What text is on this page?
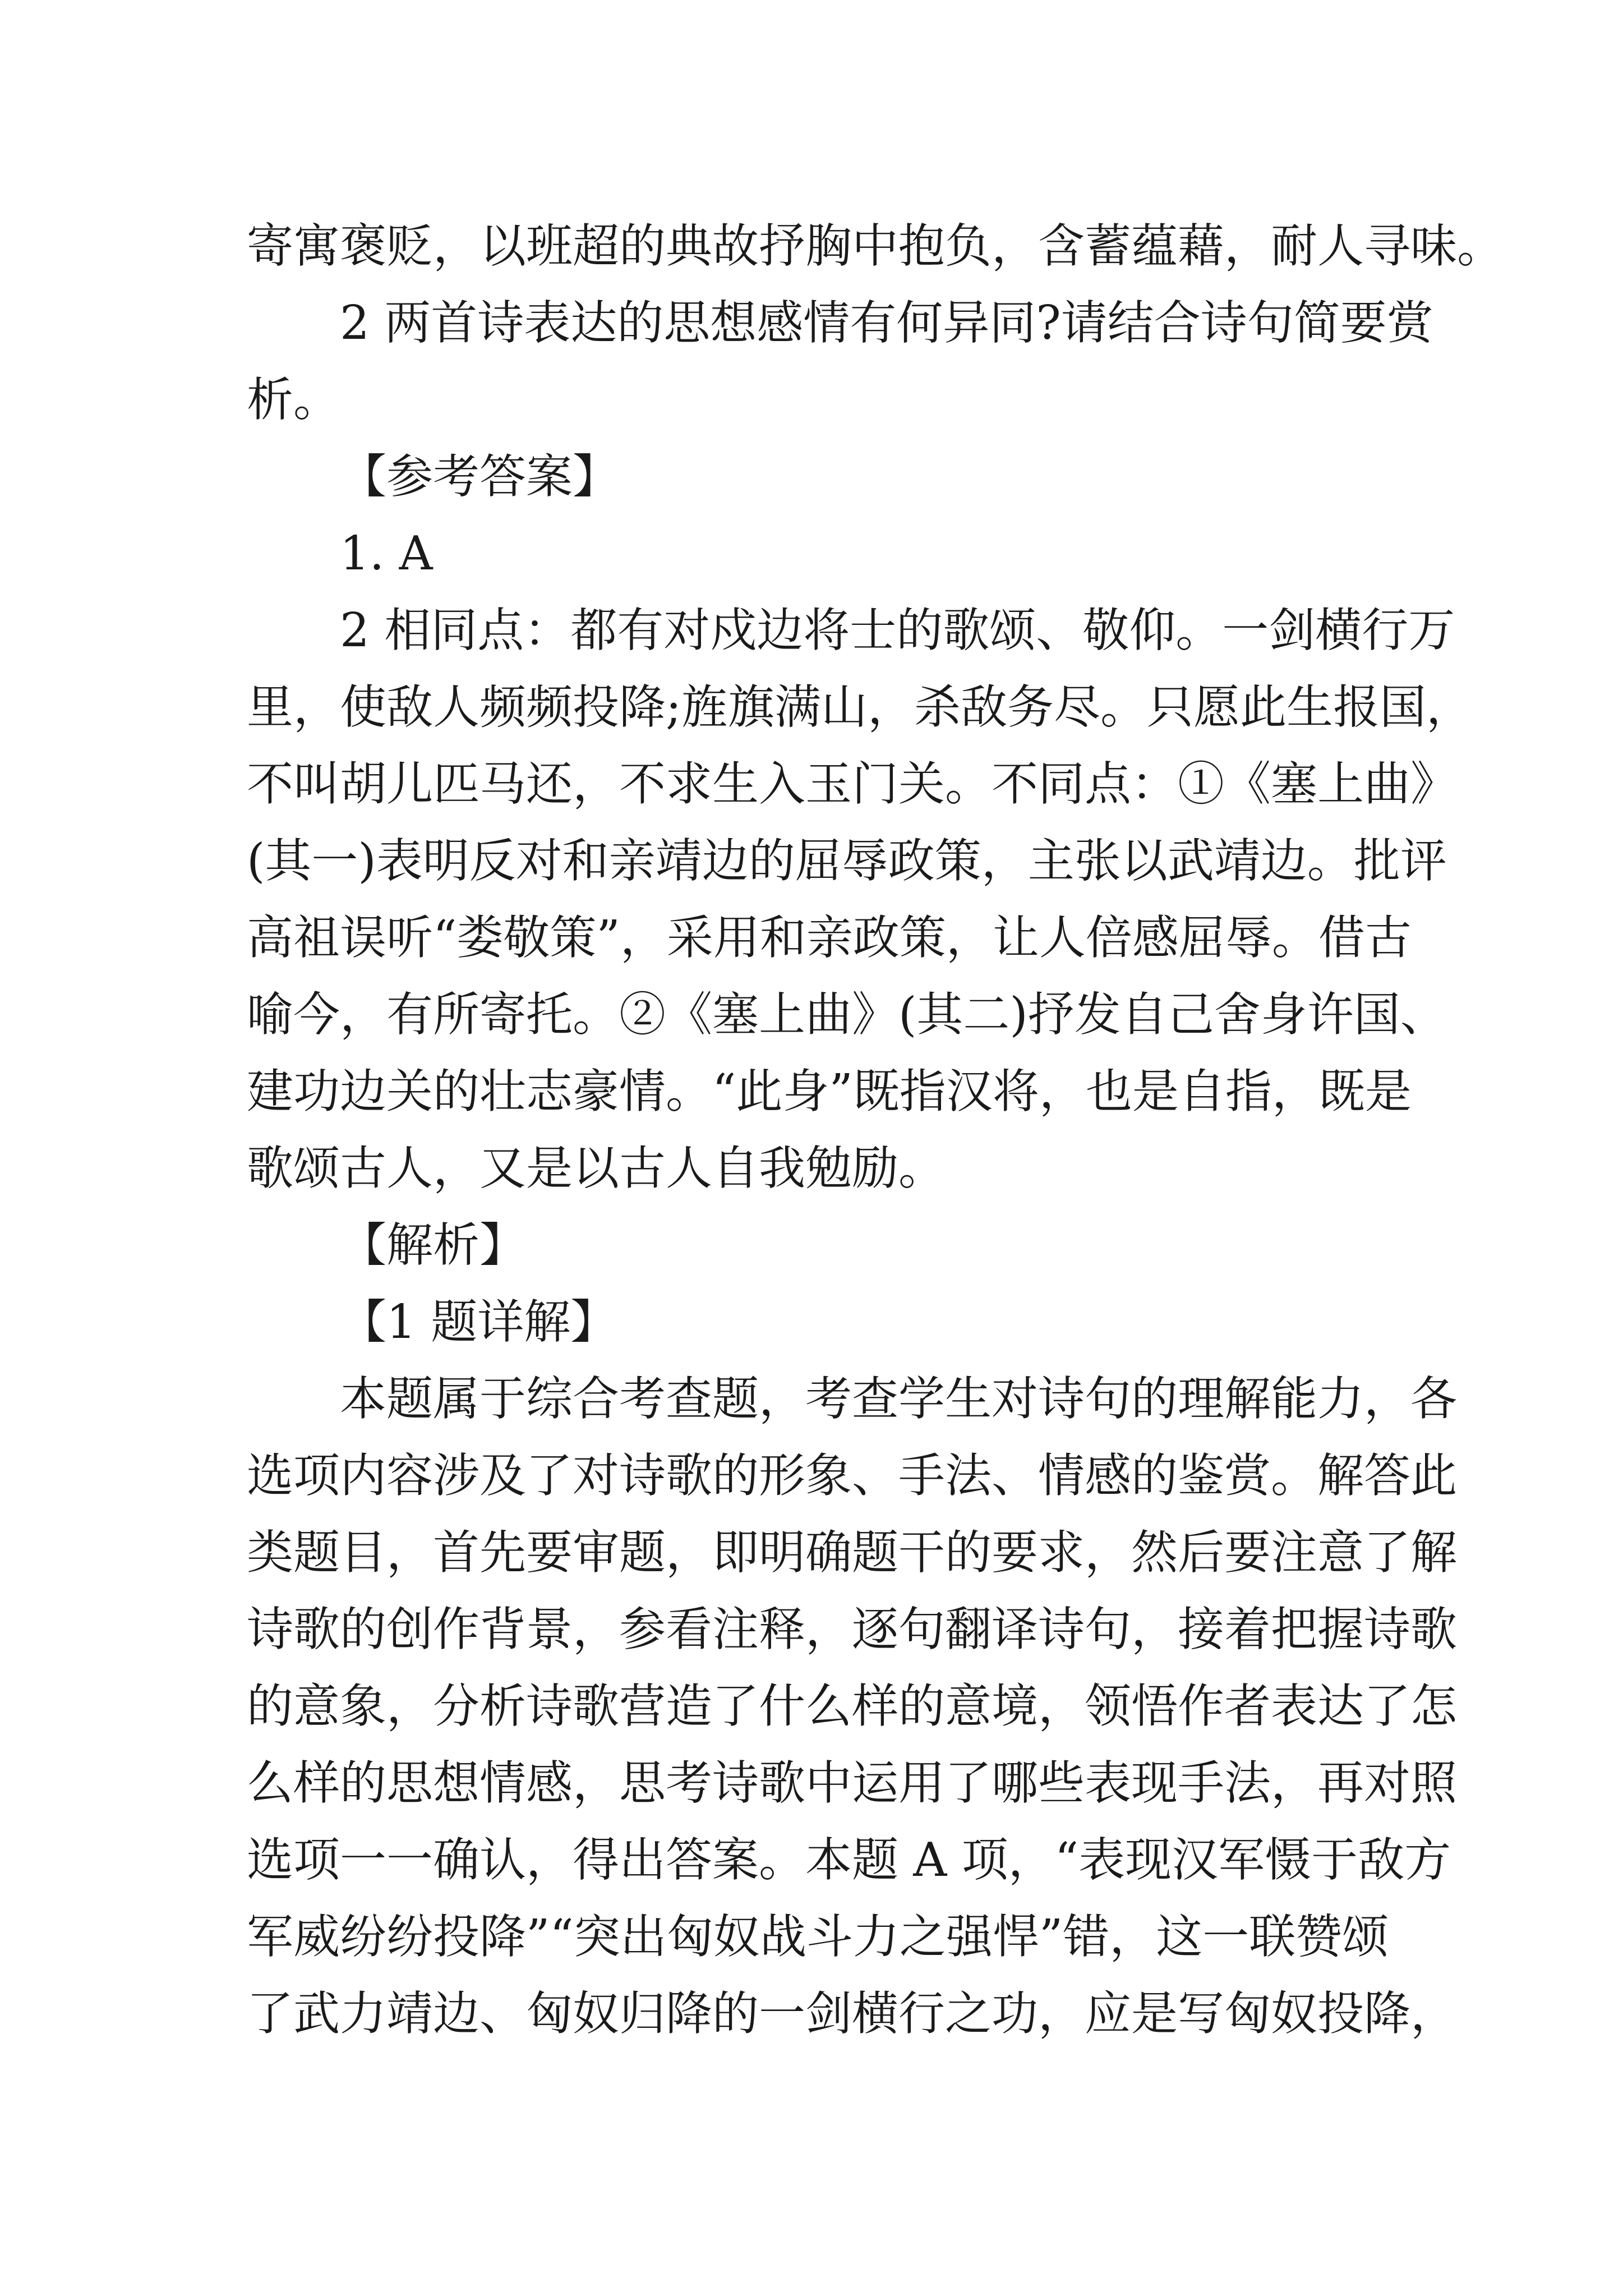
寄寓褒贬，以班超的典故抒胸中抱负，含蓄蕴藉，耐人寻味。
2 两首诗表达的思想感情有何异同?请结合诗句简要赏
析。
【参考答案】
1. A
2 相同点：都有对戍边将士的歌颂、敬仰。一剑横行万
里，使敌人频频投降;旌旗满山，杀敌务尽。只愿此生报国，
不叫胡儿匹马还，不求生入玉门关。不同点：①《塞上曲》
(其一)表明反对和亲靖边的屈辱政策，主张以武靖边。批评
高祖误听“娄敬策”，采用和亲政策，让人倍感屈辱。借古
喻今，有所寄托。②《塞上曲》(其二)抒发自己舍身许国、
建功边关的壮志豪情。“此身”既指汉将，也是自指，既是
歌颂古人，又是以古人自我勉励。
【解析】
【1 题详解】
本题属于综合考查题，考查学生对诗句的理解能力，各
选项内容涉及了对诗歌的形象、手法、情感的鉴赏。解答此
类题目，首先要审题，即明确题干的要求，然后要注意了解
诗歌的创作背景，参看注释，逐句翻译诗句，接着把握诗歌
的意象，分析诗歌营造了什么样的意境，领悟作者表达了怎
么样的思想情感，思考诗歌中运用了哪些表现手法，再对照
选项一一确认，得出答案。本题 A 项，“表现汉军慑于敌方
军威纷纷投降”“突出匈奴战斗力之强悍”错，这一联赞颂
了武力靖边、匈奴归降的一剑横行之功，应是写匈奴投降，
